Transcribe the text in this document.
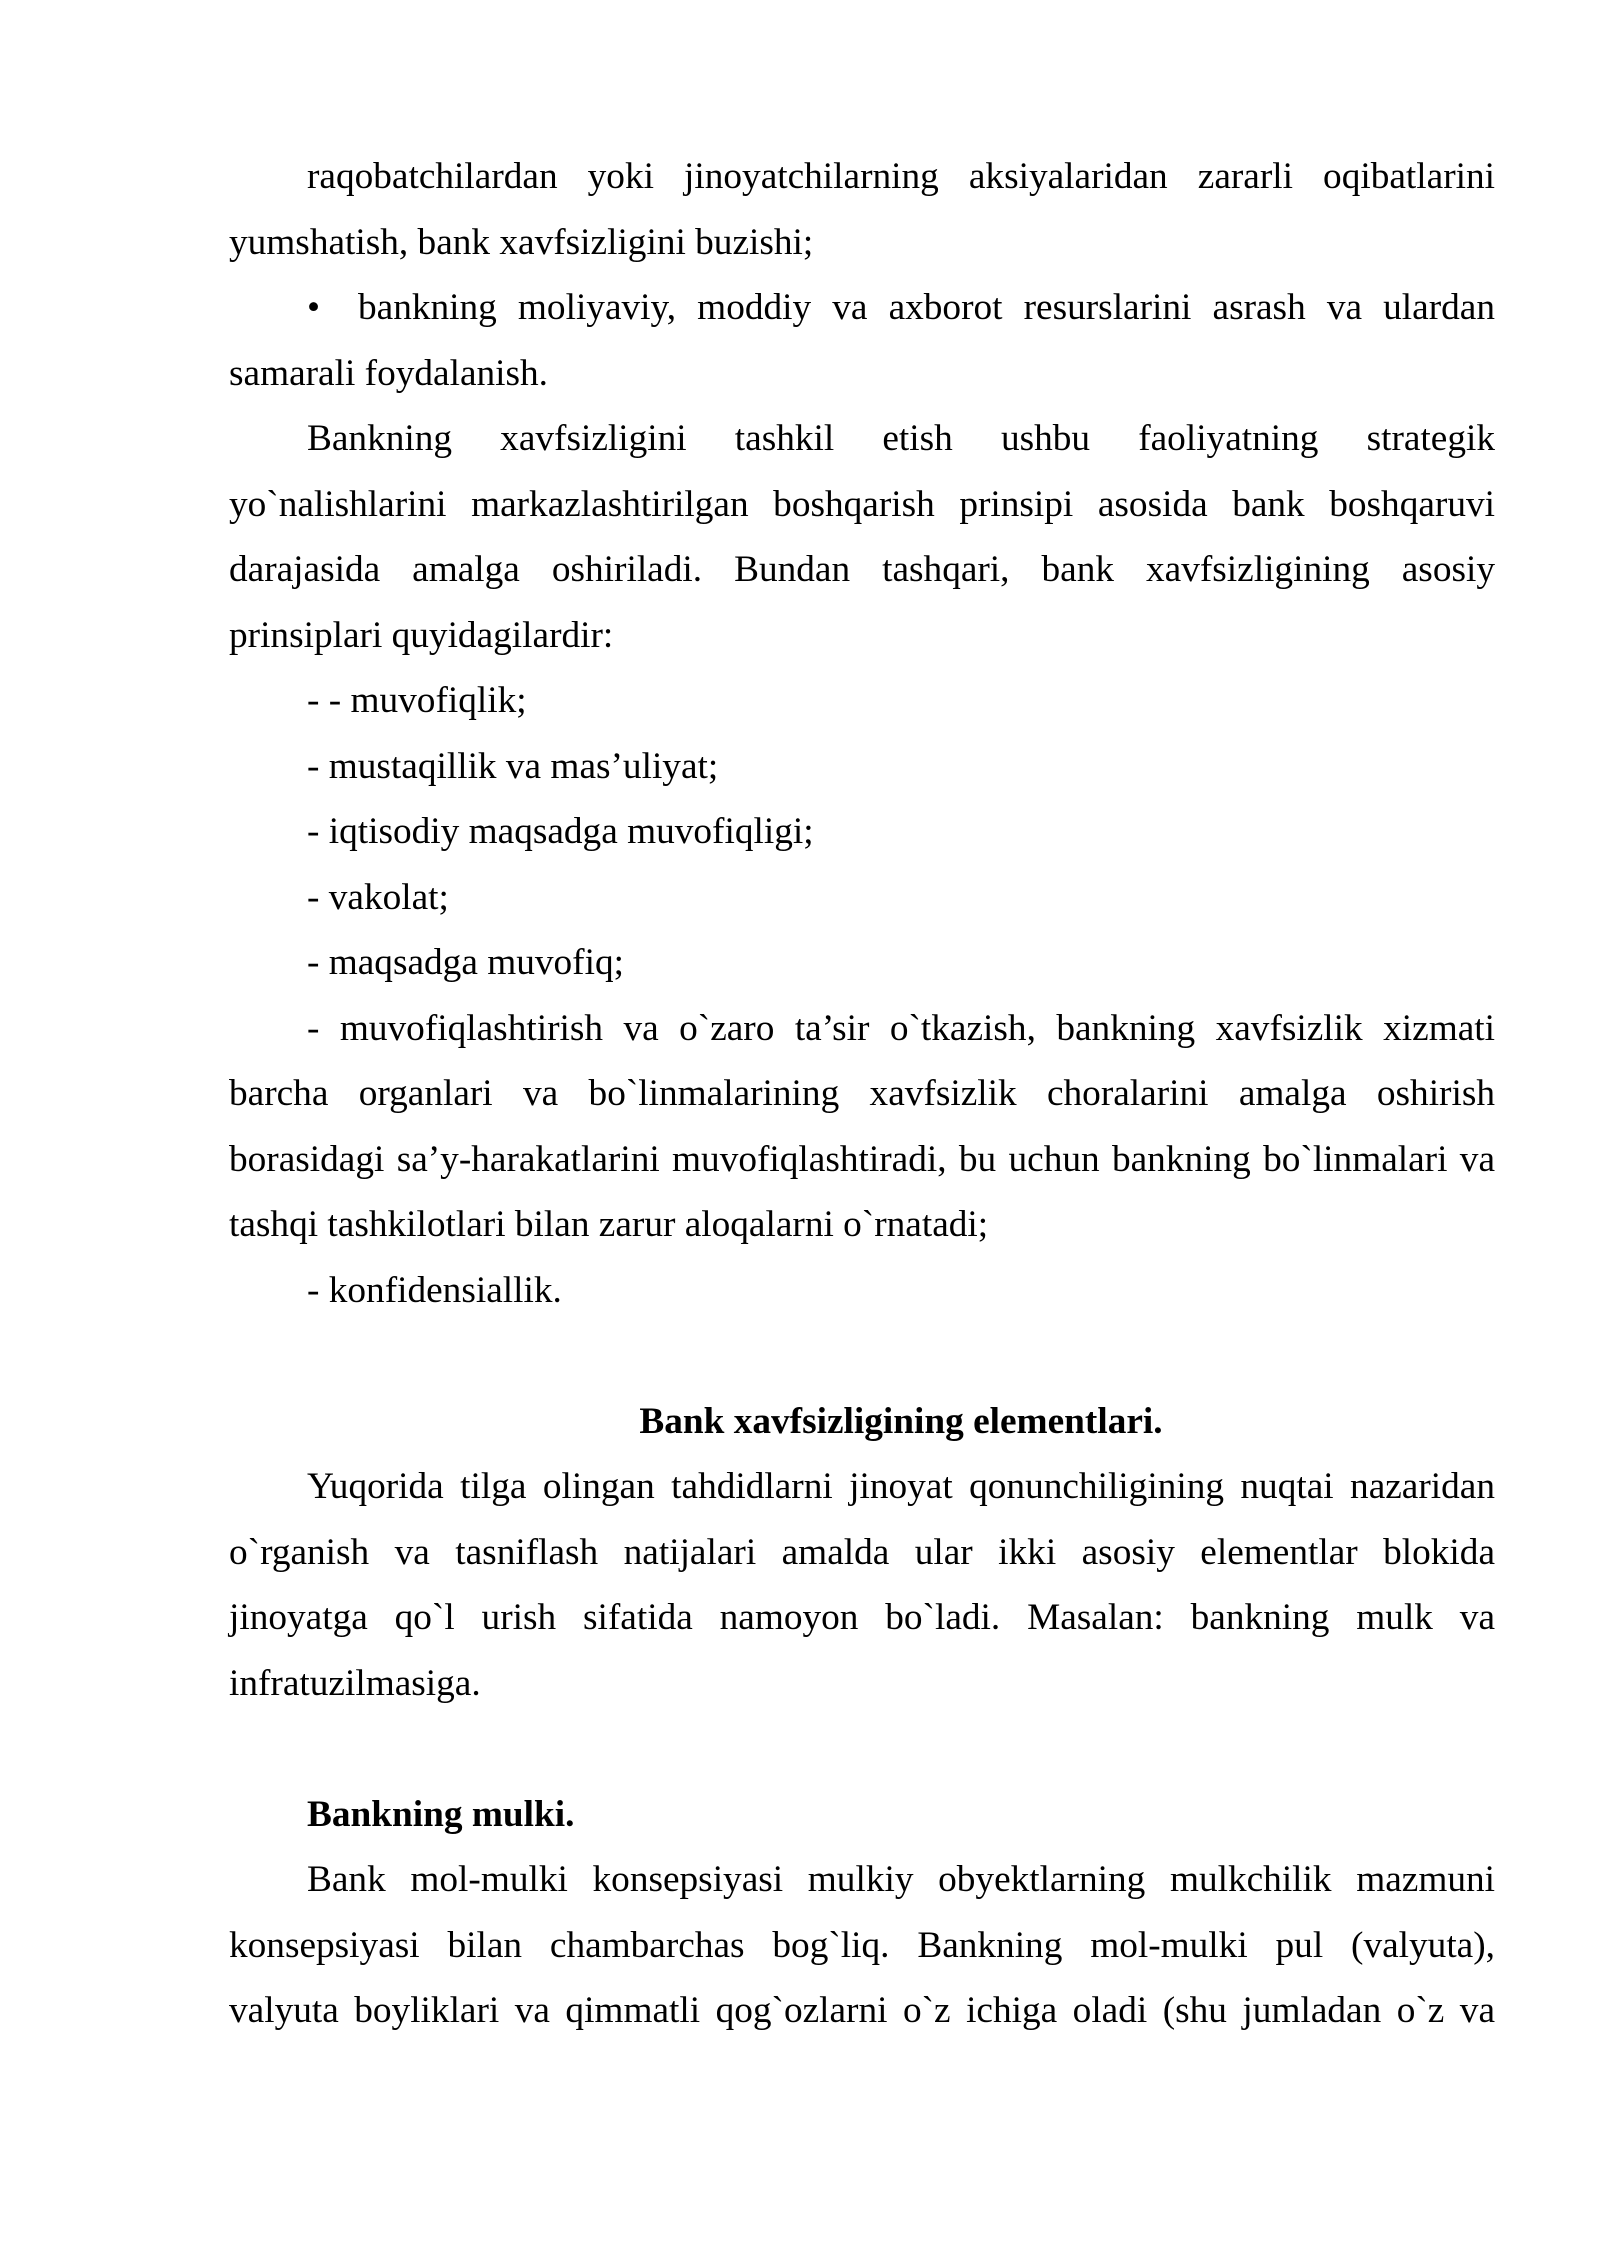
raqobatchilardan yoki jinoyatchilarning aksiyalaridan zararli oqibatlarini
yumshatish, bank xavfsizligini buzishi;
•	bankning moliyaviy, moddiy va axborot resurslarini asrash va ulardan
samarali foydalanish.
Bankning xavfsizligini tashkil etish ushbu faoliyatning strategik
yo`nalishlarini markazlashtirilgan boshqarish prinsipi asosida bank boshqaruvi
darajasida amalga oshiriladi. Bundan tashqari, bank xavfsizligining asosiy
prinsiplari quyidagilardir:
- - muvofiqlik;
- mustaqillik va mas’uliyat;
- iqtisodiy maqsadga muvofiqligi;
- vakolat;
- maqsadga muvofiq;
- muvofiqlashtirish va o`zaro ta’sir o`tkazish, bankning xavfsizlik xizmati
barcha organlari va bo`linmalarining xavfsizlik choralarini amalga oshirish
borasidagi sa’y-harakatlarini muvofiqlashtiradi, bu uchun bankning bo`linmalari va
tashqi tashkilotlari bilan zarur aloqalarni o`rnatadi;
- konfidensiallik.
Bank xavfsizligining elementlari.
Yuqorida tilga olingan tahdidlarni jinoyat qonunchiligining nuqtai nazaridan
o`rganish va tasniflash natijalari amalda ular ikki asosiy elementlar blokida
jinoyatga qo`l urish sifatida namoyon bo`ladi. Masalan: bankning mulk va
infratuzilmasiga.
Bankning mulki.
Bank mol-mulki konsepsiyasi mulkiy obyektlarning mulkchilik mazmuni
konsepsiyasi bilan chambarchas bog`liq. Bankning mol-mulki pul (valyuta),
valyuta boyliklari va qimmatli qog`ozlarni o`z ichiga oladi (shu jumladan o`z va
